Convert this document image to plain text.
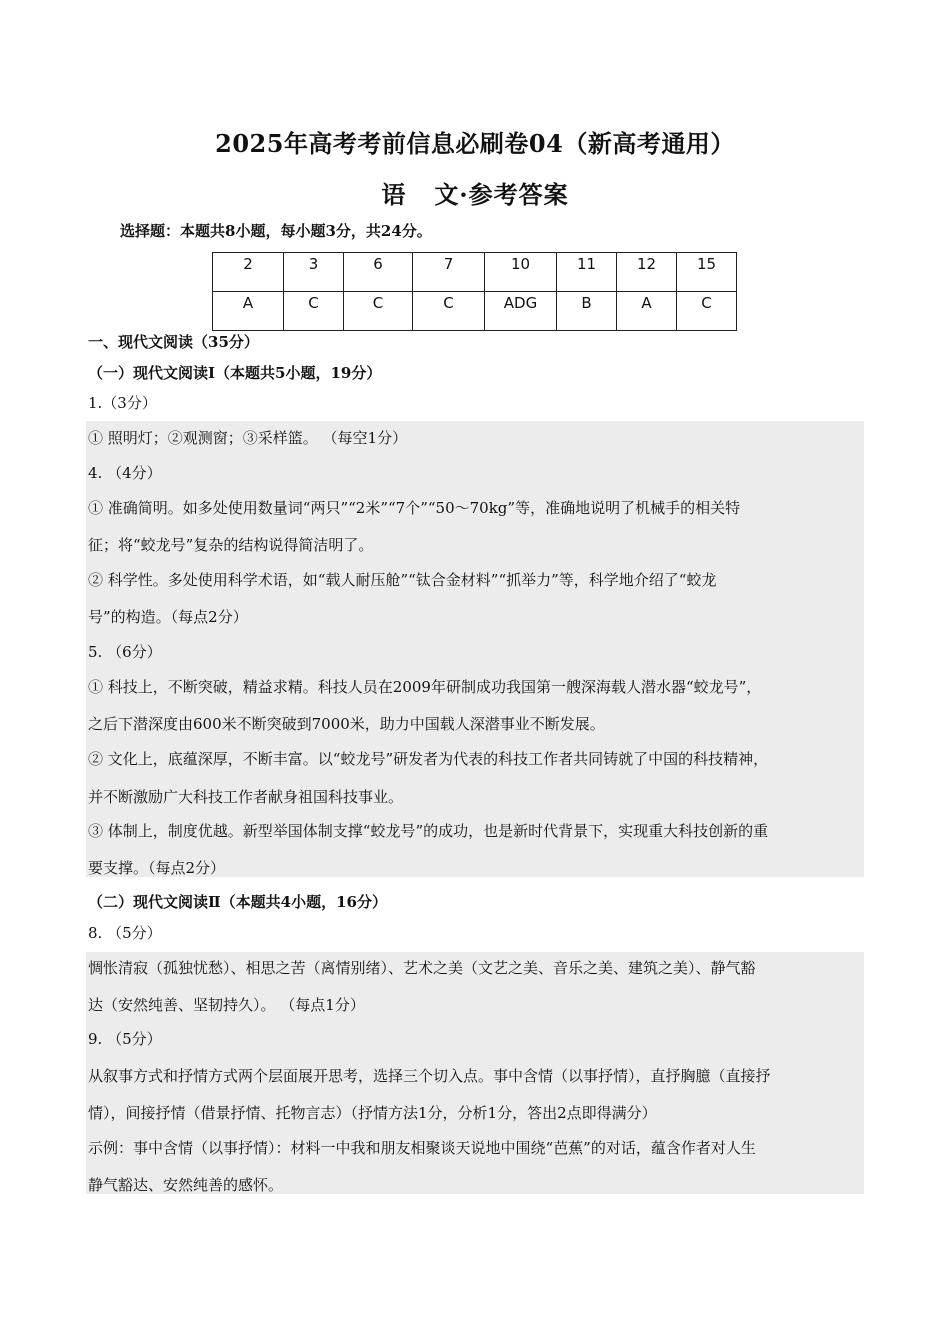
2025年高考考前信息必刷卷04（新高考通用）
语 文·参考答案
选择题：本题共8小题，每小题3分，共24分。
2	3	6	7	10	11	12	15
A	C	C	C	ADG	B	A	C
一、现代文阅读（35分）
（一）现代文阅读Ⅰ（本题共5小题，19分）
1.（3分）
① 照明灯；②观测窗；③采样篮。 （每空1分）
4. （4分）
① 准确简明。如多处使用数量词“两只”“2米”“7个”“50～70kg”等，准确地说明了机械手的相关特
征；将“蛟龙号”复杂的结构说得简洁明了。
② 科学性。多处使用科学术语，如“载人耐压舱”“钛合金材料”“抓举力”等，科学地介绍了“蛟龙
号”的构造。（每点2分）
5. （6分）
① 科技上，不断突破，精益求精。科技人员在2009年研制成功我国第一艘深海载人潜水器“蛟龙号”，
之后下潜深度由600米不断突破到7000米，助力中国载人深潜事业不断发展。
② 文化上，底蕴深厚，不断丰富。以“蛟龙号”研发者为代表的科技工作者共同铸就了中国的科技精神，
并不断激励广大科技工作者献身祖国科技事业。
③ 体制上，制度优越。新型举国体制支撑“蛟龙号”的成功，也是新时代背景下，实现重大科技创新的重
要支撑。（每点2分）
（二）现代文阅读Ⅱ（本题共4小题，16分）
8. （5分）
惆怅清寂（孤独忧愁）、相思之苦（离情别绪）、艺术之美（文艺之美、音乐之美、建筑之美）、静气豁
达（安然纯善、坚韧持久）。 （每点1分）
9. （5分）
从叙事方式和抒情方式两个层面展开思考，选择三个切入点。事中含情（以事抒情），直抒胸臆（直接抒
情），间接抒情（借景抒情、托物言志）（抒情方法1分，分析1分，答出2点即得满分）
示例：事中含情（以事抒情）：材料一中我和朋友相聚谈天说地中围绕“芭蕉”的对话，蕴含作者对人生
静气豁达、安然纯善的感怀。
